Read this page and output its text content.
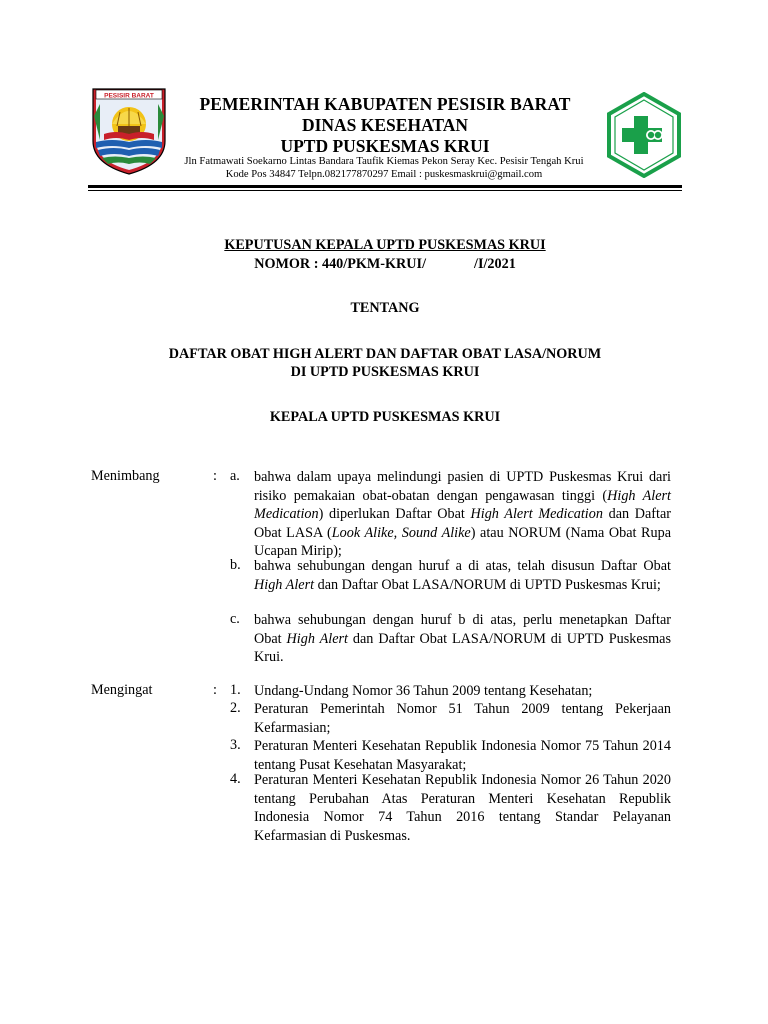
PESISIR BARAT	PEMERINTAH KABUPATEN PESISIR BARAT
DINAS KESEHATAN
UPTD PUSKESMAS KRUI
Jln Fatmawati Soekarno Lintas Bandara Taufik Kiemas Pekon Seray Kec. Pesisir Tengah Krui
Kode Pos 34847 Telpn.082177870297 Email : puskesmaskrui@gmail.com
KEPUTUSAN KEPALA UPTD PUSKESMAS KRUI
NOMOR : 440/PKM-KRUI/	/I/2021
TENTANG
DAFTAR OBAT HIGH ALERT DAN DAFTAR OBAT LASA/NORUM
DI UPTD PUSKESMAS KRUI
KEPALA UPTD PUSKESMAS KRUI
Menimbang	: a. bahwa dalam upaya melindungi pasien di UPTD Puskesmas Krui dari risiko pemakaian obat-obatan dengan pengawasan tinggi (High Alert Medication) diperlukan Daftar Obat High Alert Medication dan Daftar Obat LASA (Look Alike, Sound Alike) atau NORUM (Nama Obat Rupa Ucapan Mirip);
b. bahwa sehubungan dengan huruf a di atas, telah disusun Daftar Obat High Alert dan Daftar Obat LASA/NORUM di UPTD Puskesmas Krui;
c. bahwa sehubungan dengan huruf b di atas, perlu menetapkan Daftar Obat High Alert dan Daftar Obat LASA/NORUM di UPTD Puskesmas Krui.
Mengingat	: 1. Undang-Undang Nomor 36 Tahun 2009 tentang Kesehatan;
2. Peraturan Pemerintah Nomor 51 Tahun 2009 tentang Pekerjaan Kefarmasian;
3. Peraturan Menteri Kesehatan Republik Indonesia Nomor 75 Tahun 2014 tentang Pusat Kesehatan Masyarakat;
4. Peraturan Menteri Kesehatan Republik Indonesia Nomor 26 Tahun 2020 tentang Perubahan Atas Peraturan Menteri Kesehatan Republik Indonesia Nomor 74 Tahun 2016 tentang Standar Pelayanan Kefarmasian di Puskesmas.
